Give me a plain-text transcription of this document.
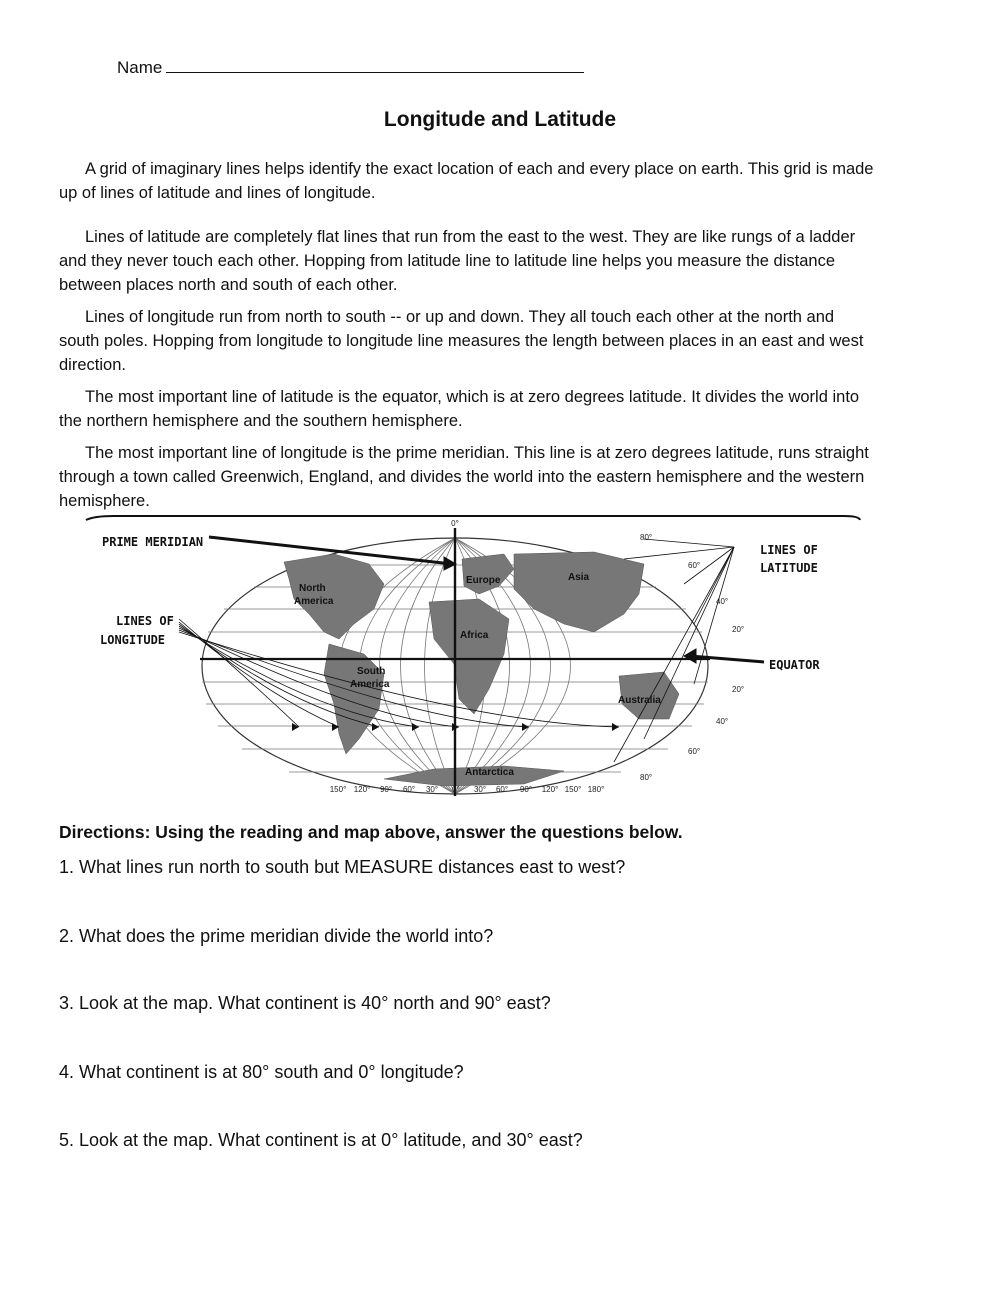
Name
Longitude and Latitude

A grid of imaginary lines helps identify the exact location of each and every place on earth. This grid is made up of lines of latitude and lines of longitude.

Lines of latitude are completely flat lines that run from the east to the west. They are like rungs of a ladder and they never touch each other. Hopping from latitude line to latitude line helps you measure the distance between places north and south of each other.

Lines of longitude run from north to south -- or up and down. They all touch each other at the north and south poles. Hopping from longitude to longitude line measures the length between places in an east and west direction.

The most important line of latitude is the equator, which is at zero degrees latitude. It divides the world into the northern hemisphere and the southern hemisphere.

The most important line of longitude is the prime meridian. This line is at zero degrees latitude, runs straight through a town called Greenwich, England, and divides the world into the eastern hemisphere and the western hemisphere.

PRIME MERIDIAN
LINES OF
LATITUDE
LINES OF
LONGITUDE
EQUATOR
0°
80°
60°
40°
20°
20°
40°
60°
80°
150° 120° 90° 60° 30° 0° 30° 60° 90° 120° 150° 180°
North
America
South
America
Europe	Asia
Africa
Australia
Antarctica

Directions: Using the reading and map above, answer the questions below.

1. What lines run north to south but MEASURE distances east to west?

2. What does the prime meridian divide the world into?

3. Look at the map. What continent is 40° north and 90° east?

4. What continent is at 80° south and 0° longitude?

5. Look at the map. What continent is at 0° latitude, and 30° east?
